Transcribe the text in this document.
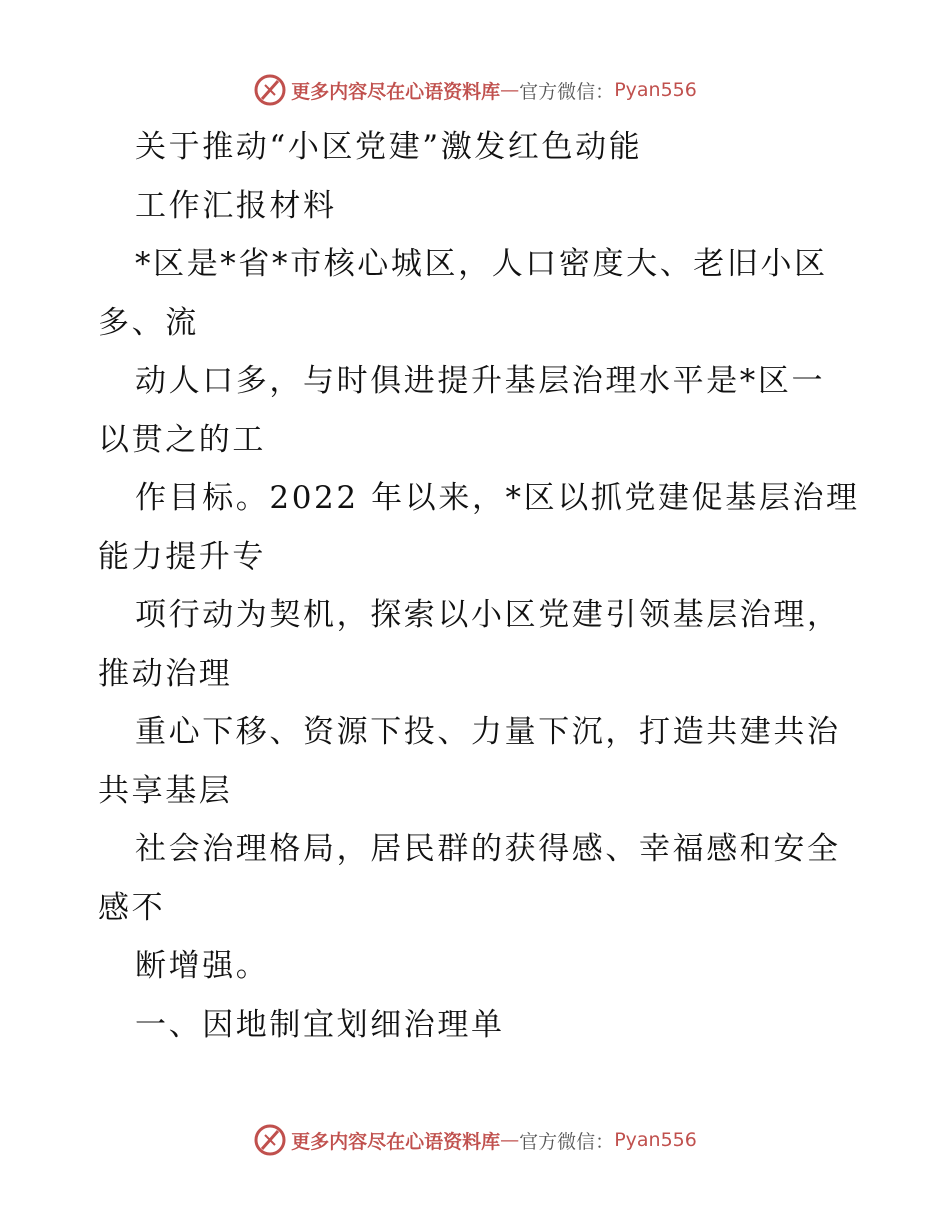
更多内容尽在心语资料库 — 官方微信： Pyan556
关于推动“小区党建”激发红色动能
工作汇报材料
*区是*省*市核心城区，人口密度大、老旧小区
多、流
动人口多，与时俱进提升基层治理水平是*区一
以贯之的工
作目标。2022 年以来，*区以抓党建促基层治理
能力提升专
项行动为契机，探索以小区党建引领基层治理，
推动治理
重心下移、资源下投、力量下沉，打造共建共治
共享基层
社会治理格局，居民群的获得感、幸福感和安全
感不
断增强。
一、因地制宜划细治理单
更多内容尽在心语资料库 — 官方微信： Pyan556
